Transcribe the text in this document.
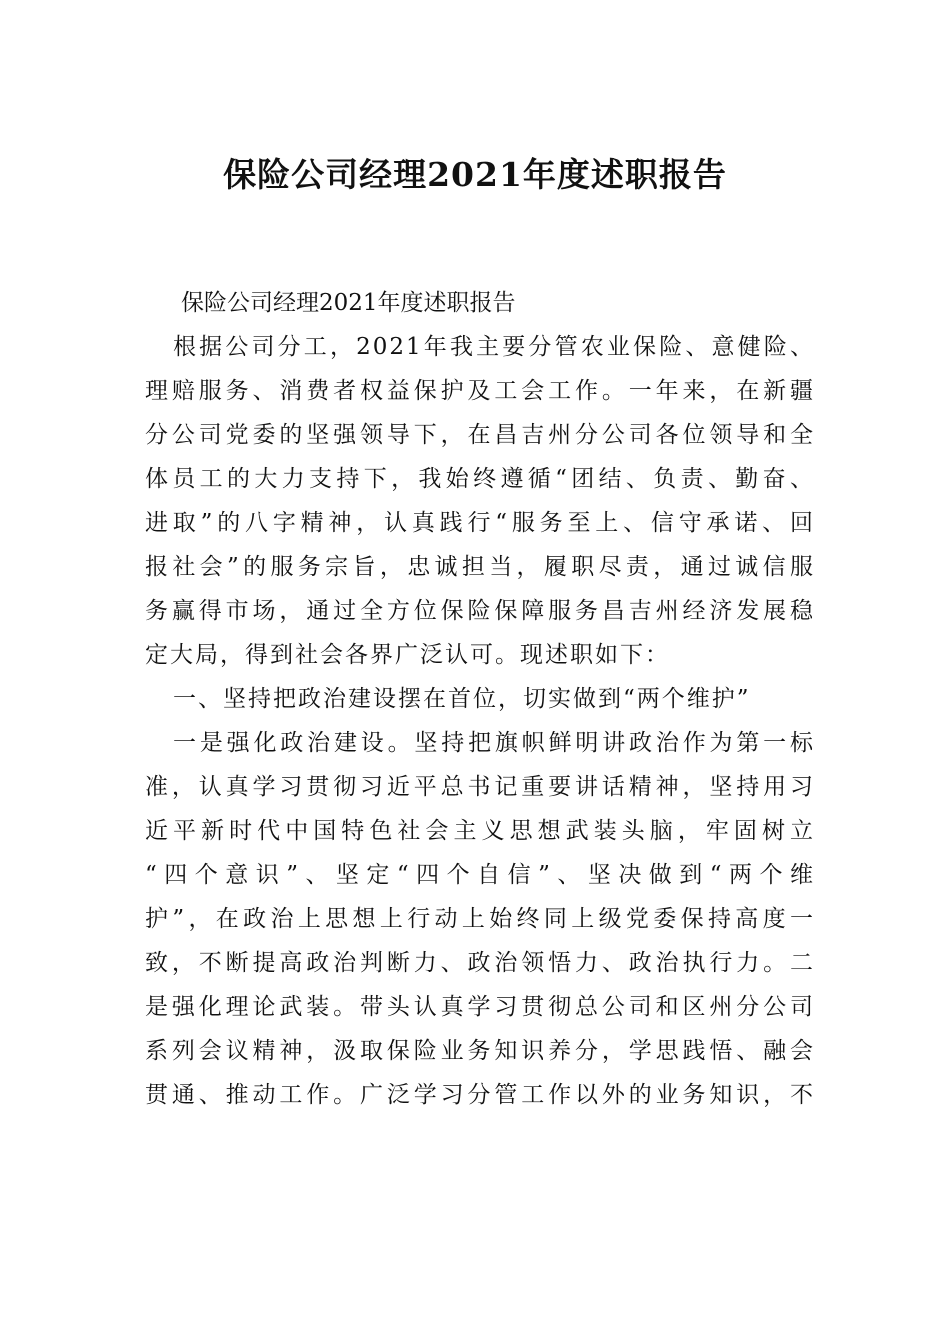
保险公司经理2021年度述职报告
保险公司经理2021年度述职报告
根据公司分工，2021年我主要分管农业保险、意健险、
理赔服务、消费者权益保护及工会工作。一年来，在新疆
分公司党委的坚强领导下，在昌吉州分公司各位领导和全
体员工的大力支持下，我始终遵循“团结、负责、勤奋、
进取”的八字精神，认真践行“服务至上、信守承诺、回
报社会”的服务宗旨，忠诚担当，履职尽责，通过诚信服
务赢得市场，通过全方位保险保障服务昌吉州经济发展稳
定大局，得到社会各界广泛认可。现述职如下：
一、坚持把政治建设摆在首位，切实做到“两个维护”
一是强化政治建设。坚持把旗帜鲜明讲政治作为第一标
准，认真学习贯彻习近平总书记重要讲话精神，坚持用习
近平新时代中国特色社会主义思想武装头脑，牢固树立
“四个意识”、坚定“四个自信”、坚决做到“两个维
护”，在政治上思想上行动上始终同上级党委保持高度一
致，不断提高政治判断力、政治领悟力、政治执行力。二
是强化理论武装。带头认真学习贯彻总公司和区州分公司
系列会议精神，汲取保险业务知识养分，学思践悟、融会
贯通、推动工作。广泛学习分管工作以外的业务知识，不
